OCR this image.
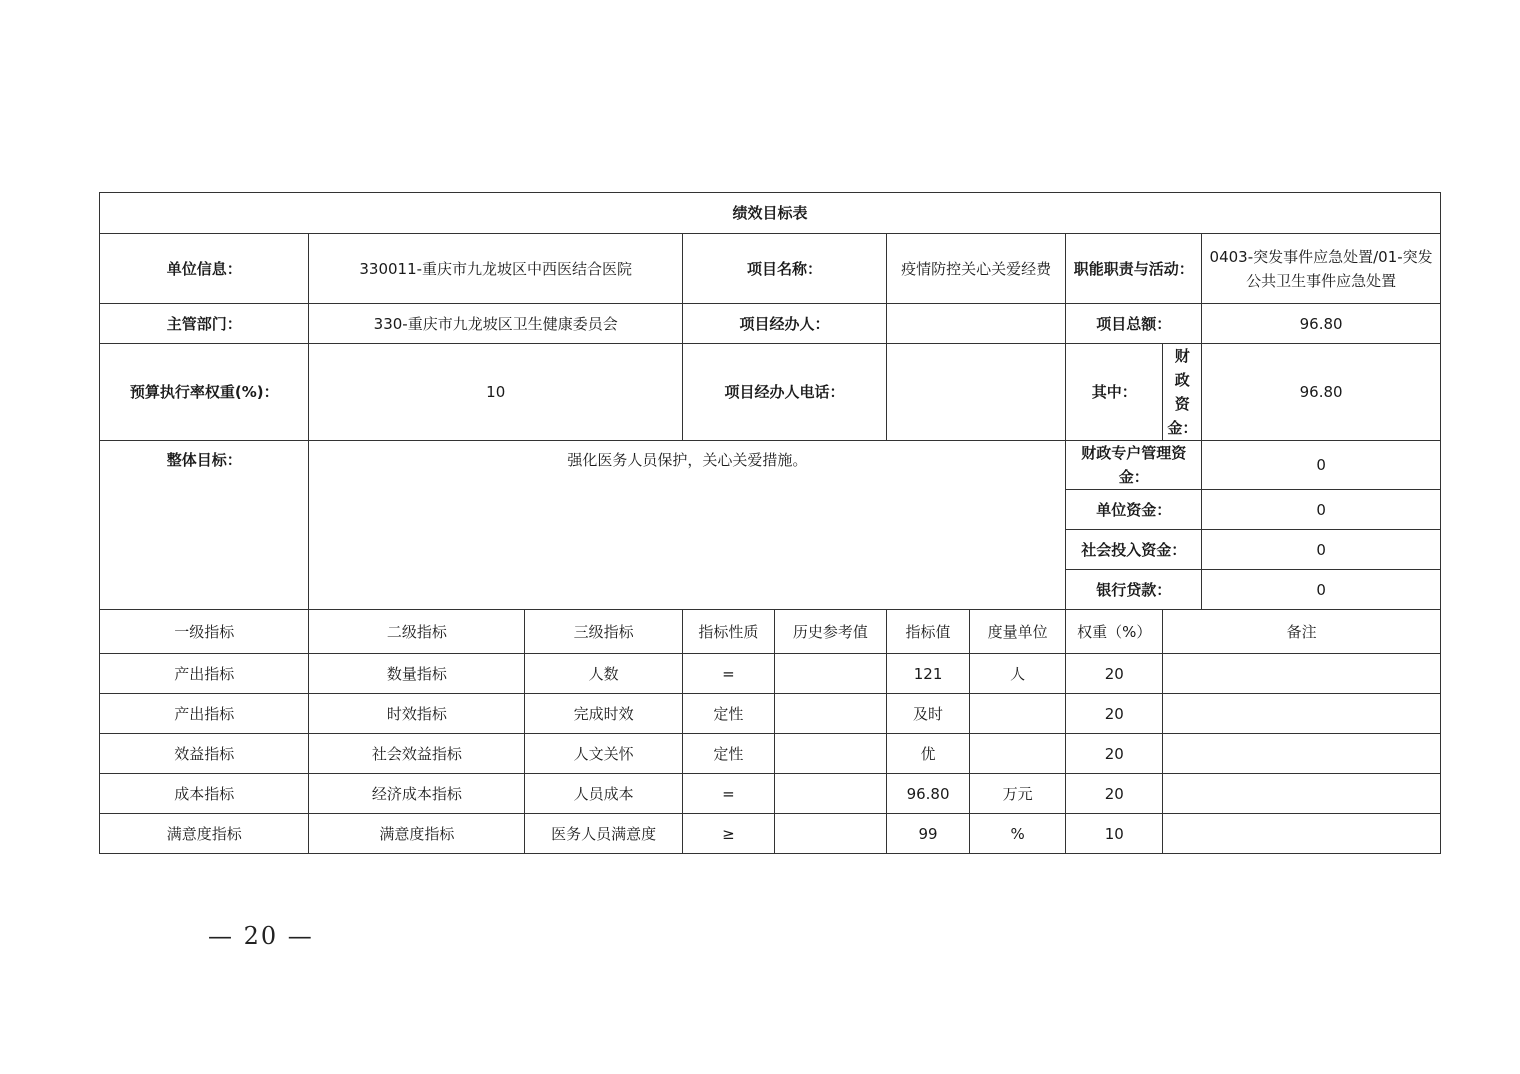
绩效目标表									
单位信息：	330011-重庆市九龙坡区中西医结合医院		项目名称：		疫情防控关心关爱经费		职能职责与活动：		0403-突发事件应急处置/01-突发公共卫生事件应急处置
主管部门：	330-重庆市九龙坡区卫生健康委员会		项目经办人：				项目总额：		96.80
预算执行率权重(%)：	10		项目经办人电话：				其中：	财政资金：	96.80
整体目标：	强化医务人员保护，关心关爱措施。						财政专户管理资金：		0
							单位资金：		0
							社会投入资金：		0
							银行贷款：		0
一级指标	二级指标	三级指标	指标性质	历史参考值	指标值	度量单位	权重（%）	备注	
产出指标	数量指标	人数	=		121	人	20		
产出指标	时效指标	完成时效	定性		及时		20		
效益指标	社会效益指标	人文关怀	定性		优		20		
成本指标	经济成本指标	人员成本	=		96.80	万元	20		
满意度指标	满意度指标	医务人员满意度	≥		99	%	10		
— 20 —
